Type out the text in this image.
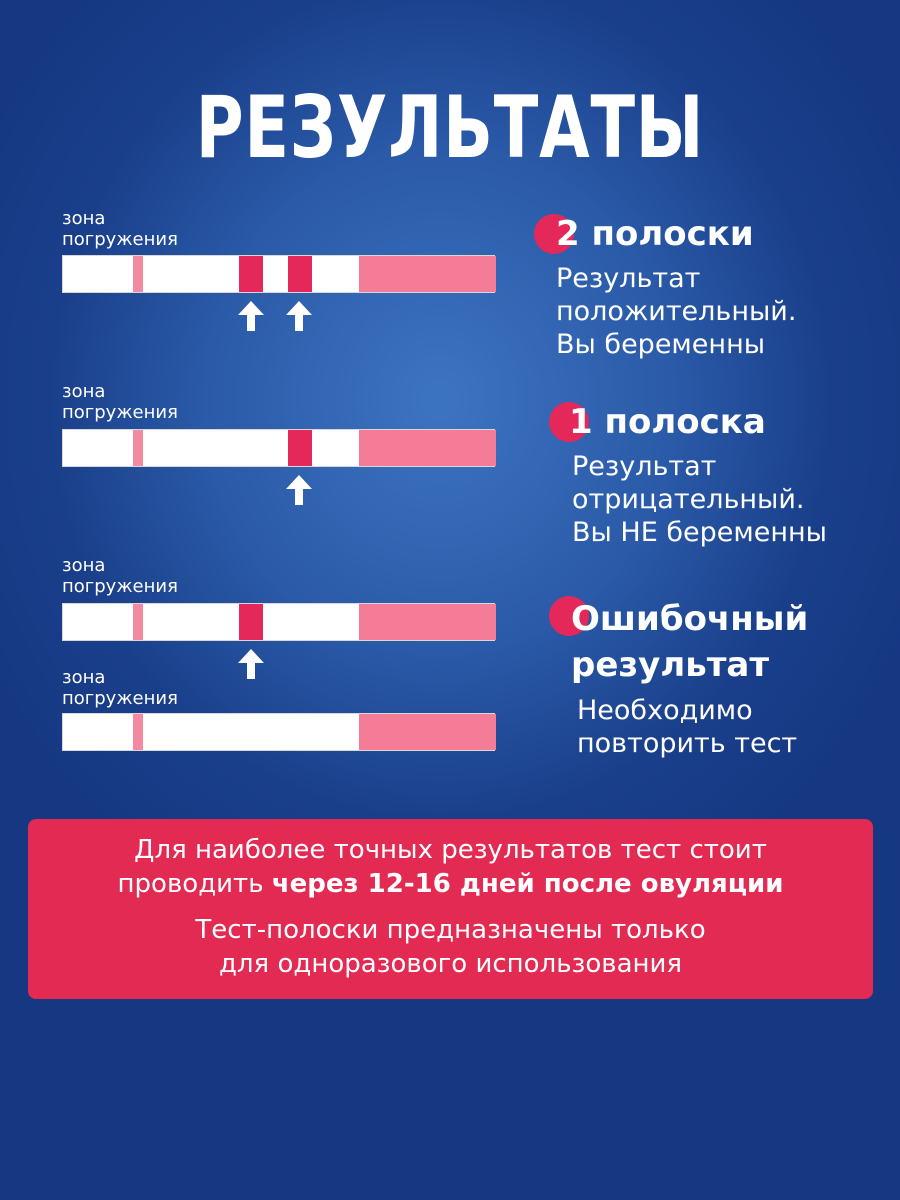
РЕЗУЛЬТАТЫ
зона
погружения	2 полоски
Результат
положительный.
Вы беременны
зона
погружения	1 полоска
Результат
отрицательный.
Вы НЕ беременны
зона
погружения
зона
погружения
Ошибочный
результат
Необходимо
повторить тест

Для наиболее точных результатов тест стоит
проводить через 12-16 дней после овуляции

Тест-полоски предназначены только
для одноразового использования
